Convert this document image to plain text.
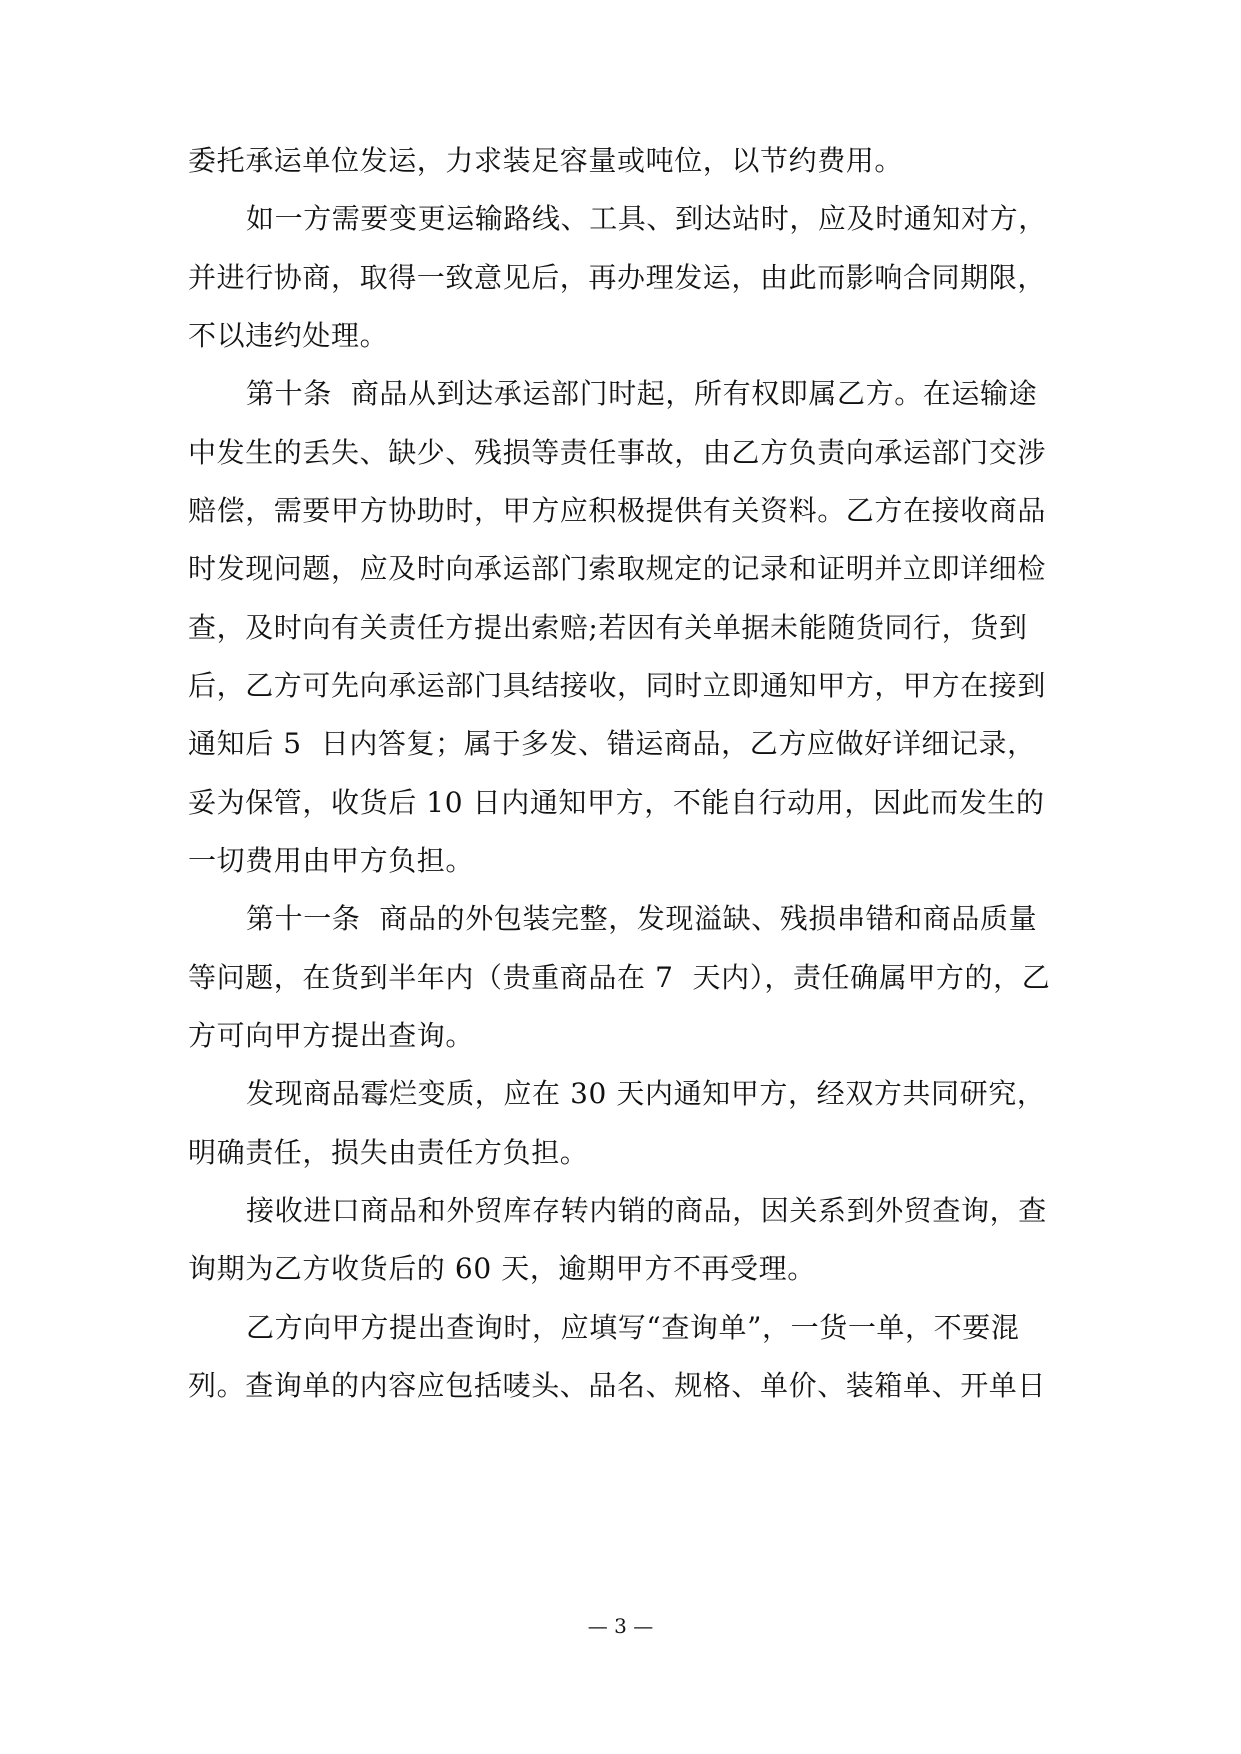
委托承运单位发运，力求装足容量或吨位，以节约费用。
如一方需要变更运输路线、工具、到达站时，应及时通知对方，
并进行协商，取得一致意见后，再办理发运，由此而影响合同期限，
不以违约处理。
第十条  商品从到达承运部门时起，所有权即属乙方。在运输途
中发生的丢失、缺少、残损等责任事故，由乙方负责向承运部门交涉
赔偿，需要甲方协助时，甲方应积极提供有关资料。乙方在接收商品
时发现问题，应及时向承运部门索取规定的记录和证明并立即详细检
查，及时向有关责任方提出索赔;若因有关单据未能随货同行，货到
后，乙方可先向承运部门具结接收，同时立即通知甲方，甲方在接到
通知后 5  日内答复；属于多发、错运商品，乙方应做好详细记录，
妥为保管，收货后 10 日内通知甲方，不能自行动用，因此而发生的
一切费用由甲方负担。
第十一条  商品的外包装完整，发现溢缺、残损串错和商品质量
等问题，在货到半年内（贵重商品在 7  天内），责任确属甲方的，乙
方可向甲方提出查询。
发现商品霉烂变质，应在 30 天内通知甲方，经双方共同研究，
明确责任，损失由责任方负担。
接收进口商品和外贸库存转内销的商品，因关系到外贸查询，查
询期为乙方收货后的 60 天，逾期甲方不再受理。
乙方向甲方提出查询时，应填写“查询单”，一货一单，不要混
列。查询单的内容应包括唛头、品名、规格、单价、装箱单、开单日
— 3 —
